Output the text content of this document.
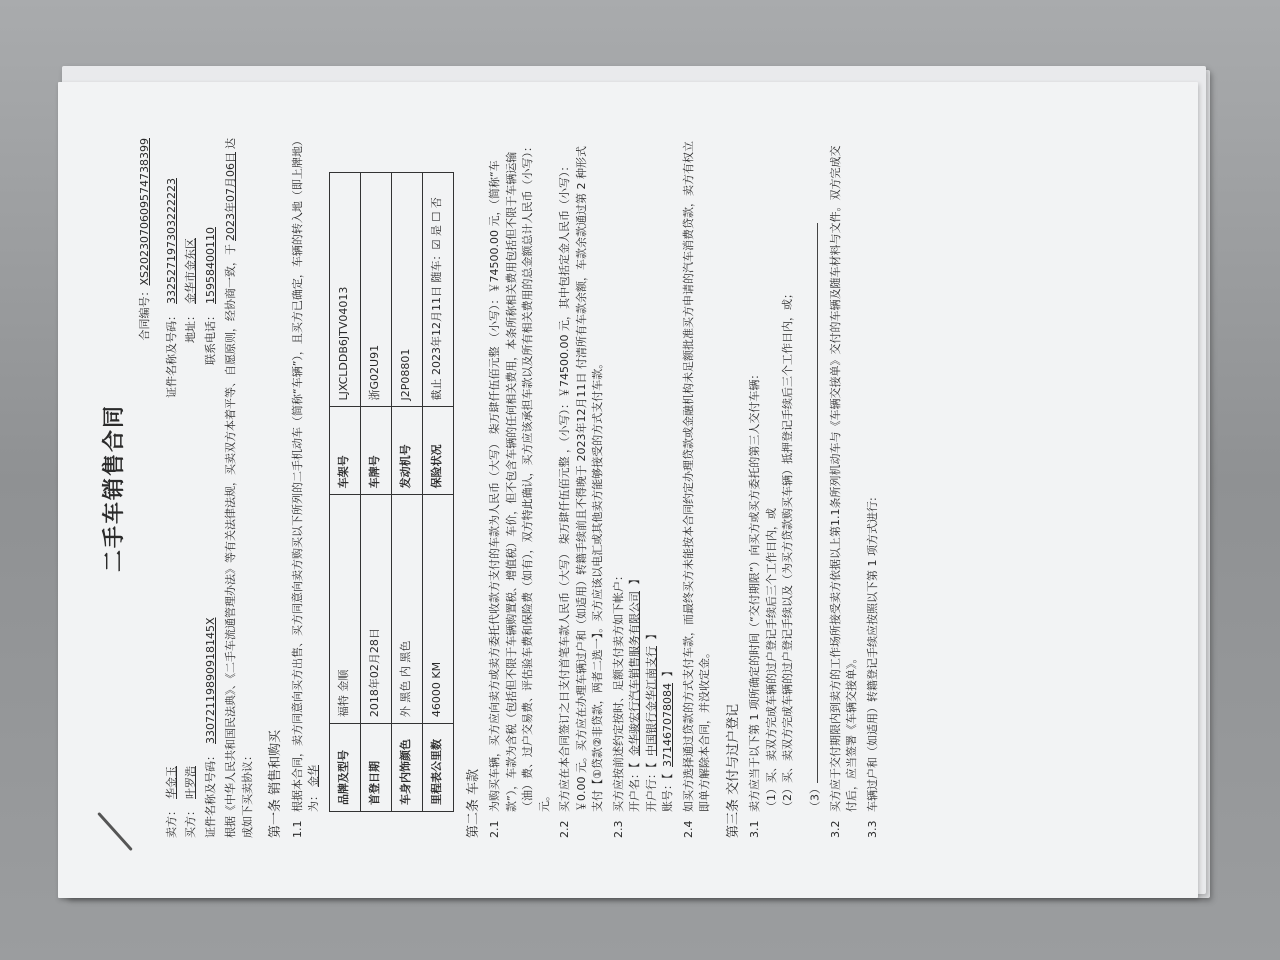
二手车销售合同
合同编号：XS20230706095747383​99
卖方：
华金玉
证件名称及号码：
33252719730​3222223
买方：
叶罗浩
地址：
金华市金东区
证件名称及号码：
33072119890918145X
联系电话：
15958400110 根据《中华人民共和国民法典》、《二手车流通管理办法》等有关法律法规，买卖双方本着平等、自愿原则，经协商一致，于2023年07月06日达成如下买卖协议： 第一条 销售和购买 1.1
根据本合同，卖方同意向买方出售、买方同意向卖方购买以下所列的二手机动车（简称“车辆”），且买方已确定，车辆的转入地（即上牌地）为：金华 品牌及型号	福特 金顺	车架号	LJXCLDDB6JTV04013
首登日期	2018年02月28日	车牌号	浙G02U91
车身内饰颜色	外 黑色 内 黑色	发动机号	J2P08801
里程表公里数	46000 KM	保险状况	截止 2023年12月11日 随车：☑ 是 ☐ 否
第二条 车款 2.1
为购买车辆，买方应向卖方或卖方委托代收款方支付的车款为人民币（大写） 柒万肆仟伍佰元整 （小写）：￥74500.00 元，（简称“车款”），车款为含税（包括但不限于车辆购置税、增值税）车价，但不包含车辆的任何相关费用，本条所称相关费用包括但不限于车辆运输（油）费、过户交易费、评估验车费和保险费（如有），双方特此确认，买方应该承担车款以及所有相关费用的总金额总计人民币（小写）： 元。
2.2
买方应在本合同签订之日支付首笔车款人民币（大写） 柒万肆仟伍佰元整 ，（小写）：￥74500.00 元，其中包括定金人民币（小写）：￥0.00 元。买方应在办理车辆过户和（如适用）转籍手续前且不得晚于 2023年12月11日 付清所有车款余额，车款余款通过第 2 种形式支付【①贷款②非贷款，两者二选一】。买方应该以电汇或其他卖方能够接受的方式支付车款。
2.3
买方应按前述约定按时、足额支付卖方如下帐户： 开户名：【 金华骏宏行汽车销售服务有限公司 】
开户行：【 中国银行金华江南支行 】
账号：【 371467078084 】
2.4
如买方选择通过贷款的方式支付车款，而最终买方未能按本合同约定办理贷款或金融机构未足额批准买方申请的汽车消费贷款，卖方有权立即单方解除本合同，并没收定金。 第三条 交付与过户登记 3.1
卖方应当于以下第 1 项所确定的时间（“交付期限”）向买方或买方委托的第三人交付车辆： （1）买、卖双方完成车辆的过户登记手续后三个工作日内，或 （2）买、卖双方完成车辆的过户登记手续以及（为买方贷款购买车辆）抵押登记手续后三个工作日内，或；	（3）
3.2
买方应于交付期限内到卖方的工作场所接受卖方依据以上第1.1条所列机动车与《车辆交接单》交付的车辆及随车材料与文件。双方完成交付后，应当签署《车辆交接单》。
3.3
车辆过户和（如适用）转籍登记手续应按照以下第 1 项方式进行:
